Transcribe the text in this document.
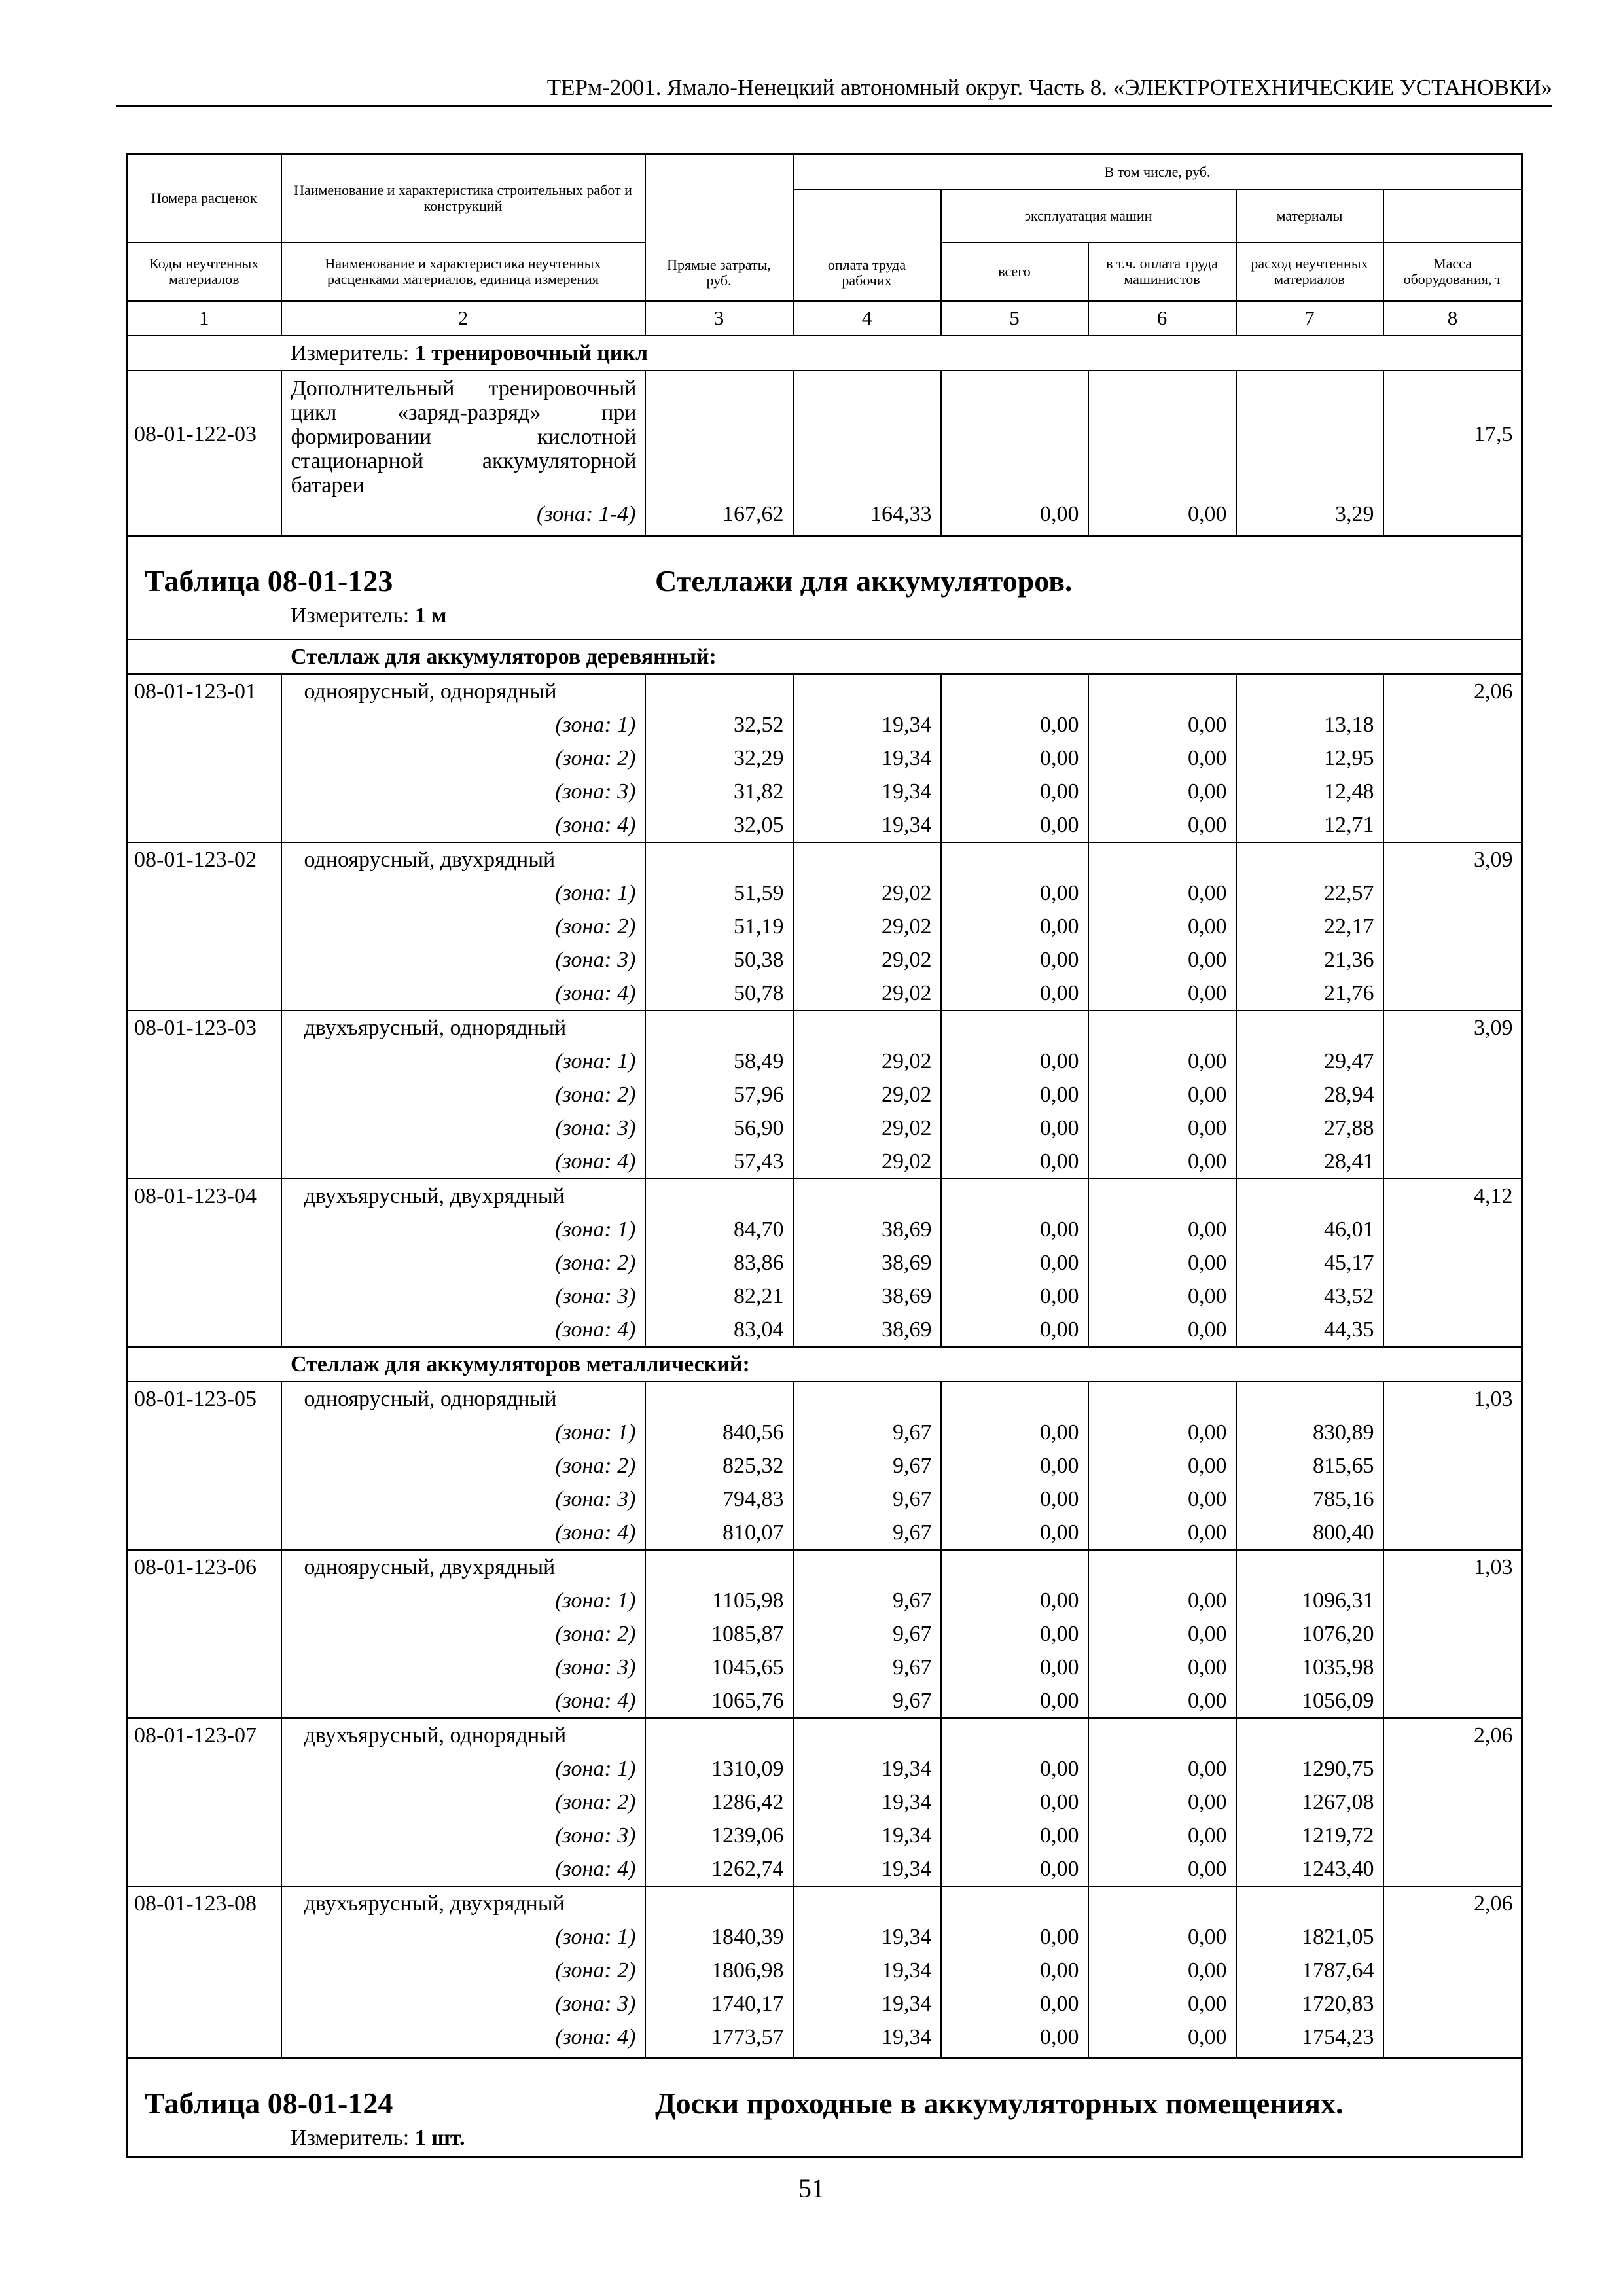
ТЕРм-2001. Ямало-Ненецкий автономный округ. Часть 8. «ЭЛЕКТРОТЕХНИЧЕСКИЕ УСТАНОВКИ»
Номера расценок	Наименование и характеристика строительных работ и конструкций	Прямые затраты, руб.	В том числе, руб.	
			оплата труда рабочих	эксплуатация машин		материалы		
Коды неучтенных материалов	Наименование и характеристика неучтенных расценками материалов, единица измерения			всего	в т.ч. оплата труда машинистов	расход неучтенных материалов	Масса оборудования, т	
1	2	3	4	5	6	7	8	
Измеритель: 1 тренировочный цикл								
08-01-122-03	Дополнительный тренировочный цикл «заряд-разряд» при формировании кислотной стационарной аккумуляторной батареи						17,5	
	(зона: 1-4)	167,62	164,33	0,00	0,00	3,29		

Таблица 08-01-123 Стеллажи для аккумуляторов.
Измеритель: 1 м								

Стеллаж для аккумуляторов деревянный:								
08-01-123-01	одноярусный, однорядный						2,06	
	(зона: 1)	32,52	19,34	0,00	0,00	13,18		
	(зона: 2)	32,29	19,34	0,00	0,00	12,95		
	(зона: 3)	31,82	19,34	0,00	0,00	12,48		
	(зона: 4)	32,05	19,34	0,00	0,00	12,71		
08-01-123-02	одноярусный, двухрядный						3,09	
	(зона: 1)	51,59	29,02	0,00	0,00	22,57		
	(зона: 2)	51,19	29,02	0,00	0,00	22,17		
	(зона: 3)	50,38	29,02	0,00	0,00	21,36		
	(зона: 4)	50,78	29,02	0,00	0,00	21,76		
08-01-123-03	двухъярусный, однорядный						3,09	
	(зона: 1)	58,49	29,02	0,00	0,00	29,47		
	(зона: 2)	57,96	29,02	0,00	0,00	28,94		
	(зона: 3)	56,90	29,02	0,00	0,00	27,88		
	(зона: 4)	57,43	29,02	0,00	0,00	28,41		
08-01-123-04	двухъярусный, двухрядный						4,12	
	(зона: 1)	84,70	38,69	0,00	0,00	46,01		
	(зона: 2)	83,86	38,69	0,00	0,00	45,17		
	(зона: 3)	82,21	38,69	0,00	0,00	43,52		
	(зона: 4)	83,04	38,69	0,00	0,00	44,35		
Стеллаж для аккумуляторов металлический:								
08-01-123-05	одноярусный, однорядный						1,03	
	(зона: 1)	840,56	9,67	0,00	0,00	830,89		
	(зона: 2)	825,32	9,67	0,00	0,00	815,65		
	(зона: 3)	794,83	9,67	0,00	0,00	785,16		
	(зона: 4)	810,07	9,67	0,00	0,00	800,40		
08-01-123-06	одноярусный, двухрядный						1,03	
	(зона: 1)	1105,98	9,67	0,00	0,00	1096,31		
	(зона: 2)	1085,87	9,67	0,00	0,00	1076,20		
	(зона: 3)	1045,65	9,67	0,00	0,00	1035,98		
	(зона: 4)	1065,76	9,67	0,00	0,00	1056,09		
08-01-123-07	двухъярусный, однорядный						2,06	
	(зона: 1)	1310,09	19,34	0,00	0,00	1290,75		
	(зона: 2)	1286,42	19,34	0,00	0,00	1267,08		
	(зона: 3)	1239,06	19,34	0,00	0,00	1219,72		
	(зона: 4)	1262,74	19,34	0,00	0,00	1243,40		
08-01-123-08	двухъярусный, двухрядный						2,06	
	(зона: 1)	1840,39	19,34	0,00	0,00	1821,05		
	(зона: 2)	1806,98	19,34	0,00	0,00	1787,64		
	(зона: 3)	1740,17	19,34	0,00	0,00	1720,83		
	(зона: 4)	1773,57	19,34	0,00	0,00	1754,23		

Таблица 08-01-124 Доски проходные в аккумуляторных помещениях.
Измеритель: 1 шт.								
51
